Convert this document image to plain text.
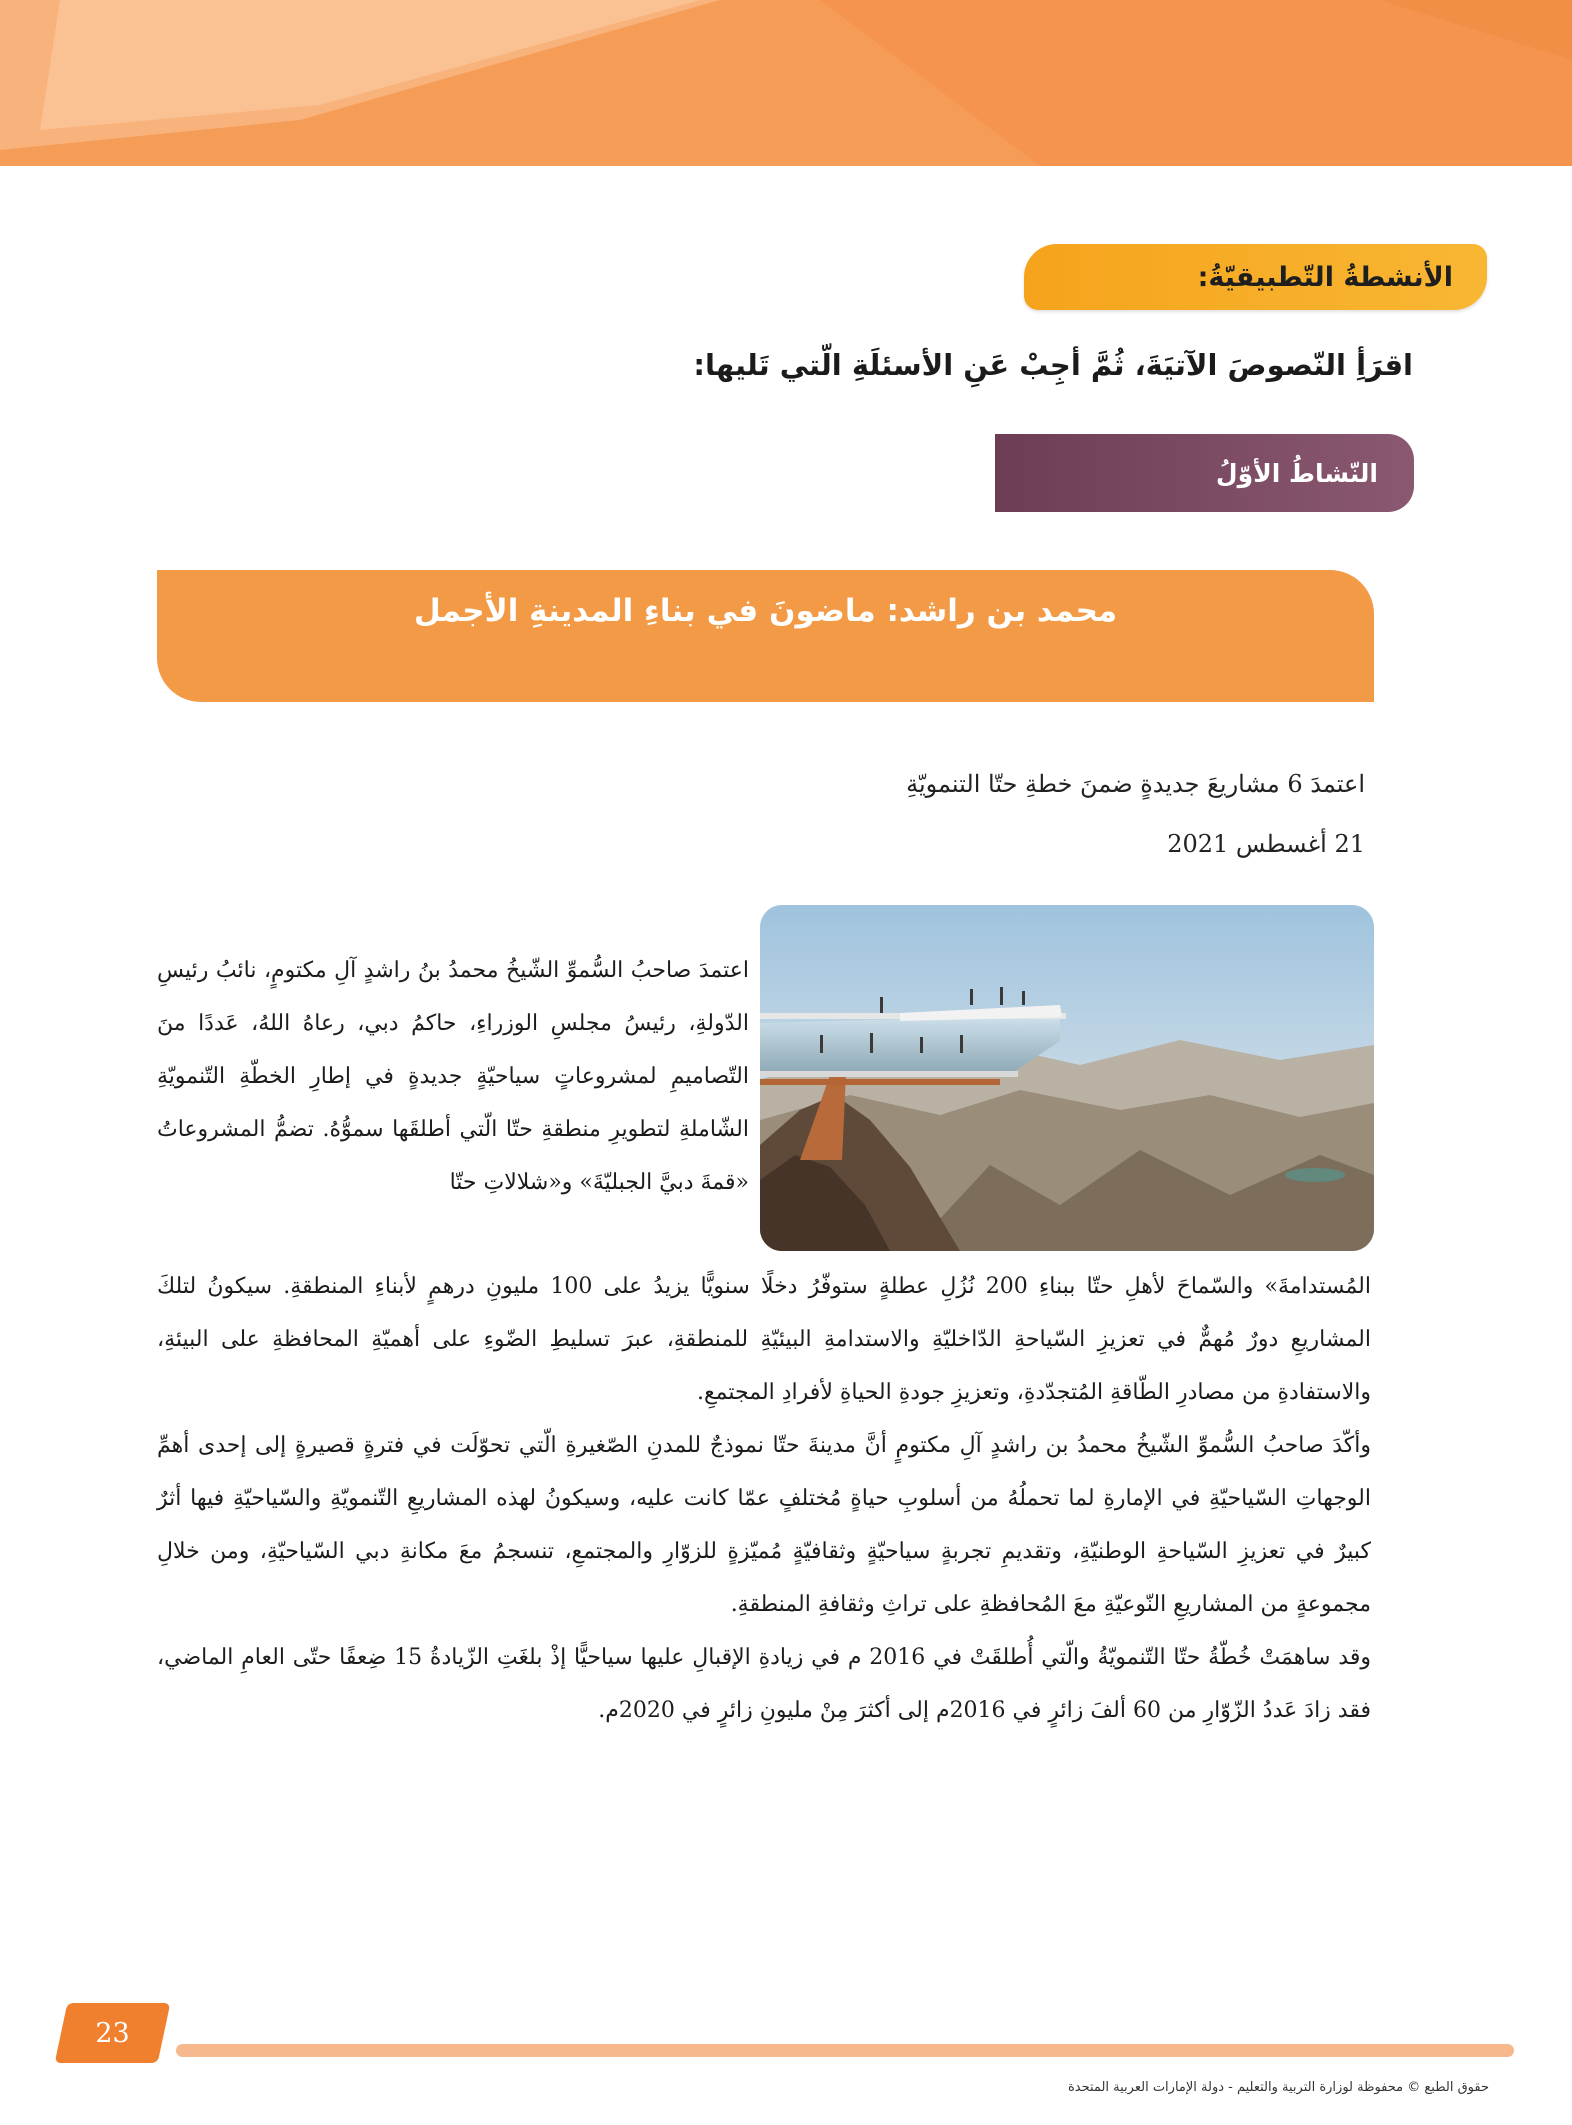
الأنشطةُ التّطبيقيّةُ:
اقرَأِ النّصوصَ الآتيَةَ، ثُمَّ أجِبْ عَنِ الأسئلَةِ الّتي تَليها:
النّشاطُ الأوّلُ
محمد بن راشد: ماضونَ في بناءِ المدينةِ الأجمل
اعتمدَ 6 مشاريعَ جديدةٍ ضمنَ خطةِ حتّا التنمويّةِ
21 أغسطس 2021

اعتمدَ صاحبُ السُّموِّ الشّيخُ محمدُ بنُ راشدٍ آلِ مكتومٍ، نائبُ رئيسِ الدّولةِ، رئيسُ مجلسِ الوزراءِ، حاكمُ دبي، رعاهُ اللهُ، عَددًا منَ التّصاميمِ لمشروعاتٍ سياحيّةٍ جديدةٍ في إطارِ الخطّةِ التّنمويّةِ الشّاملةِ لتطويرِ منطقةِ حتّا الّتي أطلقَها سموُّهُ. تضمُّ المشروعاتُ «قمةَ دبيَّ الجبليّةَ» و«شلالاتِ حتّا

المُستدامةَ» والسّماحَ لأهلِ حتّا ببناءِ 200 نُزُلِ عطلةٍ ستوفّرُ دخلًا سنويًّا يزيدُ على 100 مليونِ درهمٍ لأبناءِ المنطقةِ. سيكونُ لتلكَ المشاريعِ دورٌ مُهمٌّ في تعزيزِ السّياحةِ الدّاخليّةِ والاستدامةِ البيئيّةِ للمنطقةِ، عبرَ تسليطِ الضّوءِ على أهميّةِ المحافظةِ على البيئةِ، والاستفادةِ من مصادرِ الطّاقةِ المُتجدّدةِ، وتعزيزِ جودةِ الحياةِ لأفرادِ المجتمعِ.
وأكّدَ صاحبُ السُّموِّ الشّيخُ محمدُ بن راشدٍ آلِ مكتومٍ أنَّ مدينةَ حتّا نموذجٌ للمدنِ الصّغيرةِ الّتي تحوّلَت في فترةٍ قصيرةٍ إلى إحدى أهمِّ الوجهاتِ السّياحيّةِ في الإمارةِ لما تحملُهُ من أسلوبِ حياةٍ مُختلفٍ عمّا كانت عليه، وسيكونُ لهذه المشاريعِ التّنمويّةِ والسّياحيّةِ فيها أثرٌ كبيرٌ في تعزيزِ السّياحةِ الوطنيّةِ، وتقديمِ تجربةٍ سياحيّةٍ وثقافيّةٍ مُميّزةٍ للزوّارِ والمجتمعِ، تنسجمُ معَ مكانةِ دبي السّياحيّةِ، ومن خلالِ مجموعةٍ من المشاريعِ النّوعيّةِ معَ المُحافظةِ على تراثِ وثقافةِ المنطقةِ.
وقد ساهمَتْ خُطّةُ حتّا التّنمويّةُ والّتي أُطلقَتْ في 2016 م في زيادةِ الإقبالِ عليها سياحيًّا إذْ بلغَتِ الزّيادةُ 15 ضِعفًا حتّى العامِ الماضي، فقد زادَ عَددُ الزّوّارِ من 60 ألفَ زائرٍ في 2016م إلى أكثرَ مِنْ مليونِ زائرٍ في 2020م.
23
حقوق الطبع © محفوظة لوزارة التربية والتعليم - دولة الإمارات العربية المتحدة
